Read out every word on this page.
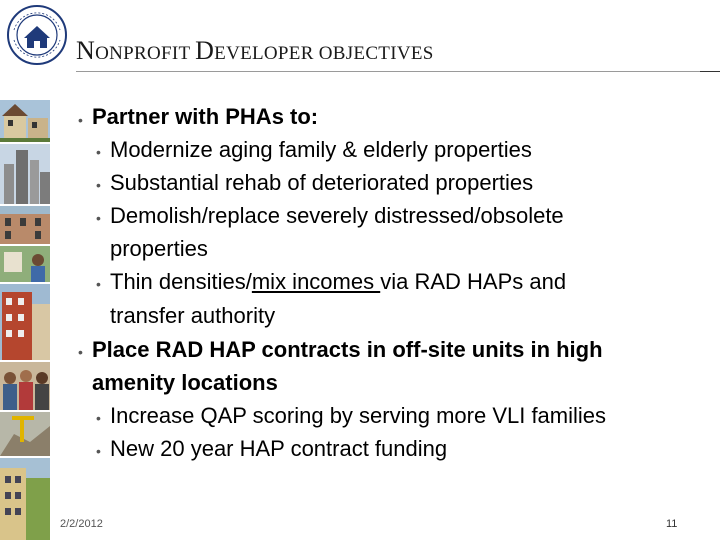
NONPROFIT DEVELOPER OBJECTIVES
• Partner with PHAs to:
• Modernize aging family & elderly properties
• Substantial rehab of deteriorated properties
• Demolish/replace severely distressed/obsolete
properties
• Thin densities/mix incomes via RAD HAPs and
transfer authority
• Place RAD HAP contracts in off-site units in high
amenity locations
• Increase QAP scoring by serving more VLI families
• New 20 year HAP contract funding
2/2/2012	11
